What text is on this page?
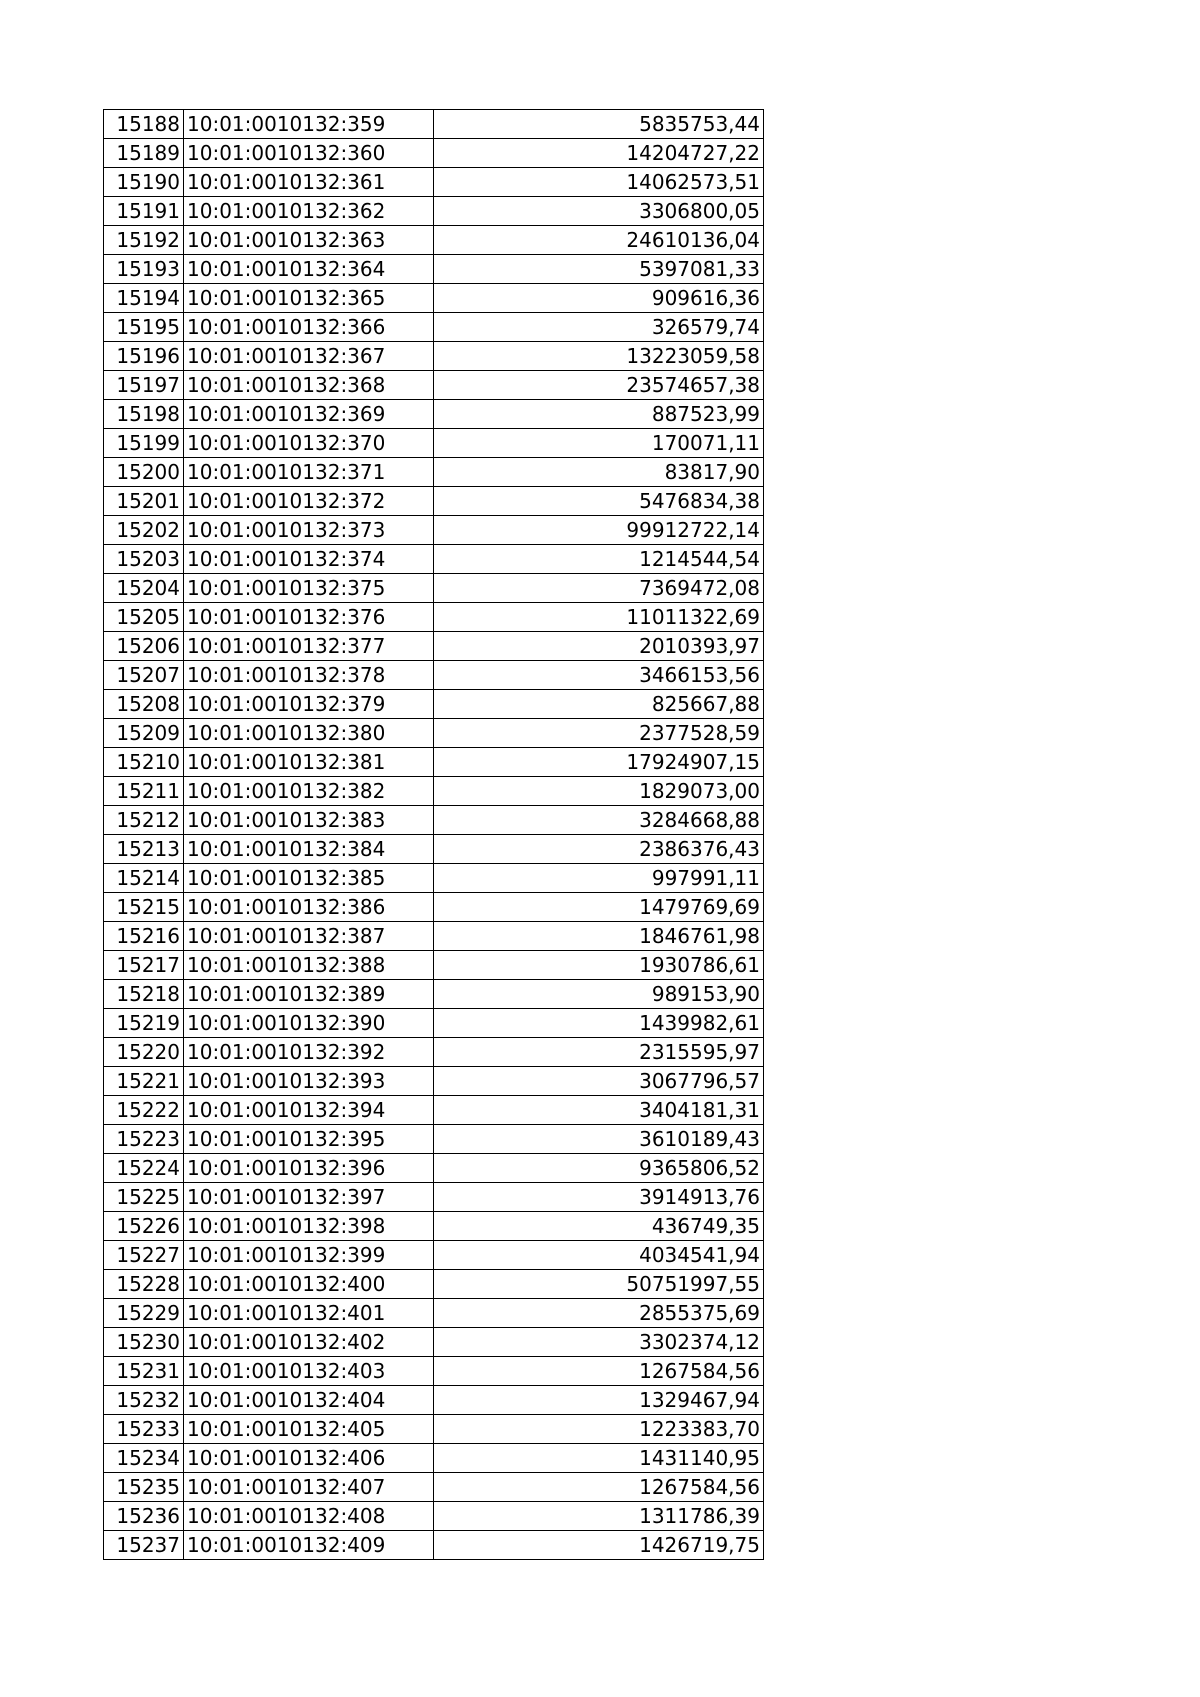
15188	10:01:0010132:359	5835753,44
15189	10:01:0010132:360	14204727,22
15190	10:01:0010132:361	14062573,51
15191	10:01:0010132:362	3306800,05
15192	10:01:0010132:363	24610136,04
15193	10:01:0010132:364	5397081,33
15194	10:01:0010132:365	909616,36
15195	10:01:0010132:366	326579,74
15196	10:01:0010132:367	13223059,58
15197	10:01:0010132:368	23574657,38
15198	10:01:0010132:369	887523,99
15199	10:01:0010132:370	170071,11
15200	10:01:0010132:371	83817,90
15201	10:01:0010132:372	5476834,38
15202	10:01:0010132:373	99912722,14
15203	10:01:0010132:374	1214544,54
15204	10:01:0010132:375	7369472,08
15205	10:01:0010132:376	11011322,69
15206	10:01:0010132:377	2010393,97
15207	10:01:0010132:378	3466153,56
15208	10:01:0010132:379	825667,88
15209	10:01:0010132:380	2377528,59
15210	10:01:0010132:381	17924907,15
15211	10:01:0010132:382	1829073,00
15212	10:01:0010132:383	3284668,88
15213	10:01:0010132:384	2386376,43
15214	10:01:0010132:385	997991,11
15215	10:01:0010132:386	1479769,69
15216	10:01:0010132:387	1846761,98
15217	10:01:0010132:388	1930786,61
15218	10:01:0010132:389	989153,90
15219	10:01:0010132:390	1439982,61
15220	10:01:0010132:392	2315595,97
15221	10:01:0010132:393	3067796,57
15222	10:01:0010132:394	3404181,31
15223	10:01:0010132:395	3610189,43
15224	10:01:0010132:396	9365806,52
15225	10:01:0010132:397	3914913,76
15226	10:01:0010132:398	436749,35
15227	10:01:0010132:399	4034541,94
15228	10:01:0010132:400	50751997,55
15229	10:01:0010132:401	2855375,69
15230	10:01:0010132:402	3302374,12
15231	10:01:0010132:403	1267584,56
15232	10:01:0010132:404	1329467,94
15233	10:01:0010132:405	1223383,70
15234	10:01:0010132:406	1431140,95
15235	10:01:0010132:407	1267584,56
15236	10:01:0010132:408	1311786,39
15237	10:01:0010132:409	1426719,75
